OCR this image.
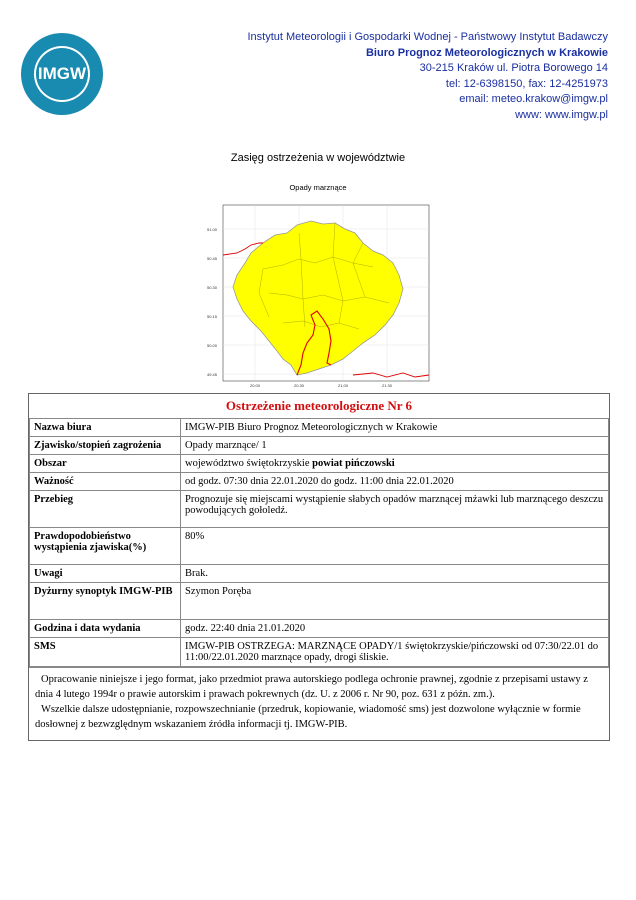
IMGW
Instytut Meteorologii i Gospodarki Wodnej - Państwowy Instytut Badawczy
Biuro Prognoz Meteorologicznych w Krakowie
30-215 Kraków ul. Piotra Borowego 14
tel: 12-6398150, fax: 12-4251973
email: meteo.krakow@imgw.pl
www: www.imgw.pl
Zasięg ostrzeżenia w województwie
Opady marznące
51.00
50.45
50.30
50.15
50.00
49.45
20.00	20.30	21.00	21.30
Ostrzeżenie meteorologiczne Nr 6
Nazwa biura	IMGW-PIB Biuro Prognoz Meteorologicznych w Krakowie
Zjawisko/stopień zagrożenia	Opady marznące/ 1
Obszar	województwo świętokrzyskie powiat pińczowski
Ważność	od godz. 07:30 dnia 22.01.2020 do godz. 11:00 dnia 22.01.2020
Przebieg	Prognozuje się miejscami wystąpienie słabych opadów marznącej mżawki lub marznącego deszczu powodujących gołoledź.
Prawdopodobieństwo wystąpienia zjawiska(%)	80%
Uwagi	Brak.
Dyżurny synoptyk IMGW-PIB	Szymon Poręba
Godzina i data wydania	godz. 22:40 dnia 21.01.2020
SMS	IMGW-PIB OSTRZEGA: MARZNĄCE OPADY/1 świętokrzyskie/pińczowski od 07:30/22.01 do 11:00/22.01.2020 marznące opady, drogi śliskie.
Opracowanie niniejsze i jego format, jako przedmiot prawa autorskiego podlega ochronie prawnej, zgodnie z przepisami ustawy z dnia 4 lutego 1994r o prawie autorskim i prawach pokrewnych (dz. U. z 2006 r. Nr 90, poz. 631 z późn. zm.).
Wszelkie dalsze udostępnianie, rozpowszechnianie (przedruk, kopiowanie, wiadomość sms) jest dozwolone wyłącznie w formie dosłownej z bezwzględnym wskazaniem źródła informacji tj. IMGW-PIB.
